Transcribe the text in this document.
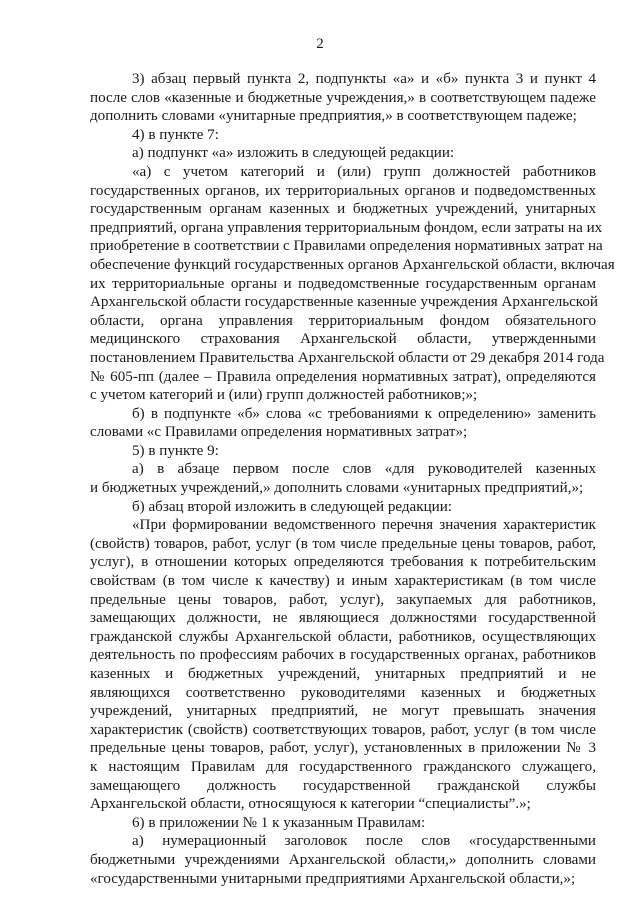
2
3) абзац первый пункта 2, подпункты «а» и «б» пункта 3 и пункт 4
после слов «казенные и бюджетные учреждения,» в соответствующем падеже
дополнить словами «унитарные предприятия,» в соответствующем падеже;
4) в пункте 7:
а) подпункт «а» изложить в следующей редакции:
«а) с учетом категорий и (или) групп должностей работников
государственных органов, их территориальных органов и подведомственных
государственным органам казенных и бюджетных учреждений, унитарных
предприятий, органа управления территориальным фондом, если затраты на их
приобретение в соответствии с Правилами определения нормативных затрат на
обеспечение функций государственных органов Архангельской области, включая
их территориальные органы и подведомственные государственным органам
Архангельской области государственные казенные учреждения Архангельской
области, органа управления территориальным фондом обязательного
медицинского страхования Архангельской области, утвержденными
постановлением Правительства Архангельской области от 29 декабря 2014 года
№ 605-пп (далее – Правила определения нормативных затрат), определяются
с учетом категорий и (или) групп должностей работников;»;
б) в подпункте «б» слова «с требованиями к определению» заменить
словами «с Правилами определения нормативных затрат»;
5) в пункте 9:
а) в абзаце первом после слов «для руководителей казенных
и бюджетных учреждений,» дополнить словами «унитарных предприятий,»;
б) абзац второй изложить в следующей редакции:
«При формировании ведомственного перечня значения характеристик
(свойств) товаров, работ, услуг (в том числе предельные цены товаров, работ,
услуг), в отношении которых определяются требования к потребительским
свойствам (в том числе к качеству) и иным характеристикам (в том числе
предельные цены товаров, работ, услуг), закупаемых для работников,
замещающих должности, не являющиеся должностями государственной
гражданской службы Архангельской области, работников, осуществляющих
деятельность по профессиям рабочих в государственных органах, работников
казенных и бюджетных учреждений, унитарных предприятий и не
являющихся соответственно руководителями казенных и бюджетных
учреждений, унитарных предприятий, не могут превышать значения
характеристик (свойств) соответствующих товаров, работ, услуг (в том числе
предельные цены товаров, работ, услуг), установленных в приложении № 3
к настоящим Правилам для государственного гражданского служащего,
замещающего должность государственной гражданской службы
Архангельской области, относящуюся к категории “специалисты”.»;
6) в приложении № 1 к указанным Правилам:
а) нумерационный заголовок после слов «государственными
бюджетными учреждениями Архангельской области,» дополнить словами
«государственными унитарными предприятиями Архангельской области,»;
